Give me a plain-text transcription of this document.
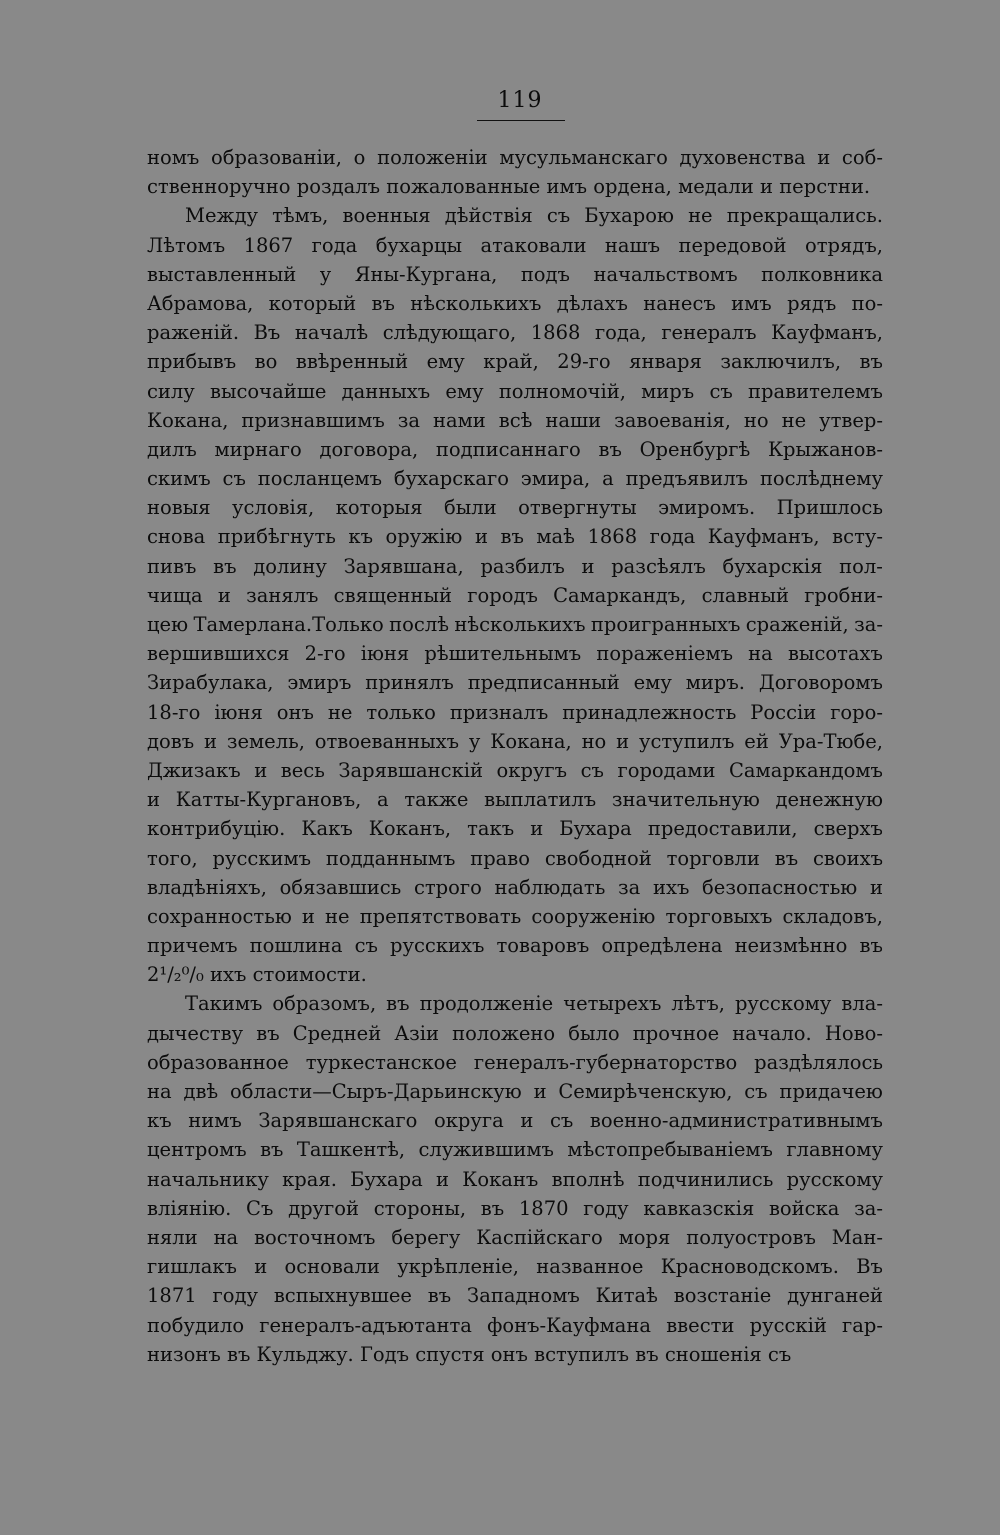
119
номъ образованiи, о положенiи мусульманскаго духовенства и соб-
ственноручно роздалъ пожалованные имъ ордена, медали и перстни.
Между тѣмъ, военныя дѣйствiя съ Бухарою не прекращались.
Лѣтомъ 1867 года бухарцы атаковали нашъ передовой отрядъ,
выставленный у Яны-Кургана, подъ начальствомъ полковника
Абрамова, который въ нѣсколькихъ дѣлахъ нанесъ имъ рядъ по-
раженiй. Въ началѣ слѣдующаго, 1868 года, генералъ Кауфманъ,
прибывъ во ввѣренный ему край, 29-го января заключилъ, въ
силу высочайше данныхъ ему полномочiй, миръ съ правителемъ
Кокана, признавшимъ за нами всѣ наши завоеванiя, но не утвер-
дилъ мирнаго договора, подписаннаго въ Оренбургѣ Крыжанов-
скимъ съ посланцемъ бухарскаго эмира, а предъявилъ послѣднему
новыя условiя, которыя были отвергнуты эмиромъ. Пришлось
снова прибѣгнуть къ оружiю и въ маѣ 1868 года Кауфманъ, всту-
пивъ въ долину Зарявшана, разбилъ и разсѣялъ бухарскiя пол-
чища и занялъ священный городъ Самаркандъ, славный гробни-
цею Тамерлана.Только послѣ нѣсколькихъ проигранныхъ сраженiй, за-
вершившихся 2-го iюня рѣшительнымъ пораженiемъ на высотахъ
Зирабулака, эмиръ принялъ предписанный ему миръ. Договоромъ
18-го iюня онъ не только призналъ принадлежность Россiи горо-
довъ и земель, отвоеванныхъ у Кокана, но и уступилъ ей Ура-Тюбе,
Джизакъ и весь Зарявшанскiй округъ съ городами Самаркандомъ
и Катты-Кургановъ, а также выплатилъ значительную денежную
контрибуцiю. Какъ Коканъ, такъ и Бухара предоставили, сверхъ
того, русскимъ подданнымъ право свободной торговли въ своихъ
владѣнiяхъ, обязавшись строго наблюдать за ихъ безопасностью и
сохранностью и не препятствовать сооруженiю торговыхъ складовъ,
причемъ пошлина съ русскихъ товаровъ опредѣлена неизмѣнно въ
2¹/₂⁰/₀ ихъ стоимости.
Такимъ образомъ, въ продолженiе четырехъ лѣтъ, русскому вла-
дычеству въ Средней Азiи положено было прочное начало. Ново-
образованное туркестанское генералъ-губернаторство раздѣлялось
на двѣ области—Сыръ-Дарьинскую и Семирѣченскую, съ придачею
къ нимъ Зарявшанскаго округа и съ военно-административнымъ
центромъ въ Ташкентѣ, служившимъ мѣстопребыванiемъ главному
начальнику края. Бухара и Коканъ вполнѣ подчинились русскому
влiянiю. Съ другой стороны, въ 1870 году кавказскiя войска за-
няли на восточномъ берегу Каспiйскаго моря полуостровъ Ман-
гишлакъ и основали укрѣпленiе, названное Красноводскомъ. Въ
1871 году вспыхнувшее въ Западномъ Китаѣ возстанiе дунганей
побудило генералъ-адъютанта фонъ-Кауфмана ввести русскiй гар-
низонъ въ Кульджу. Годъ спустя онъ вступилъ въ сношенiя съ
